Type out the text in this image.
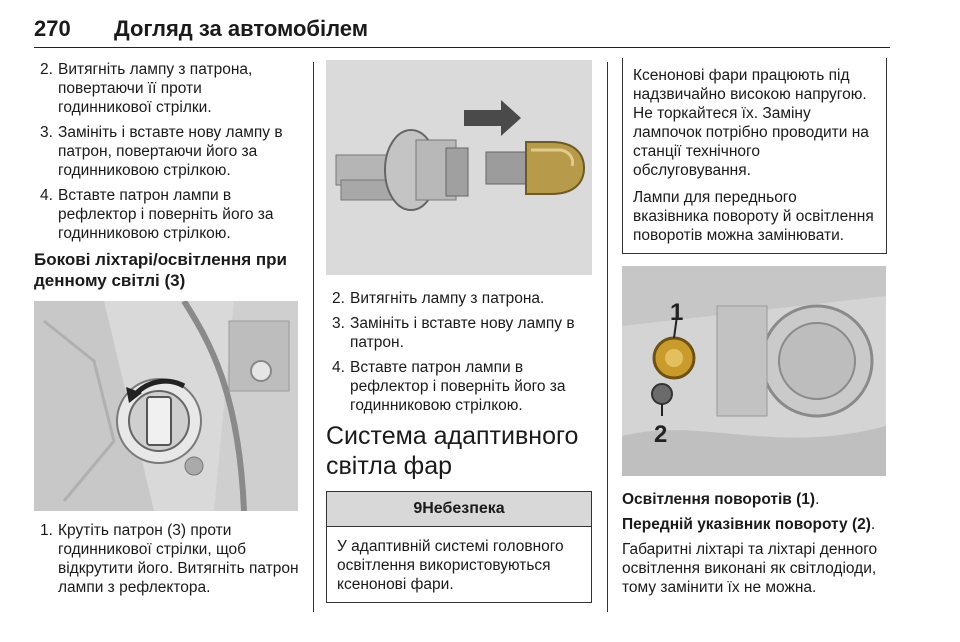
270 Догляд за автомобілем
2. Витягніть лампу з патрона, повертаючи її проти годинникової стрілки.
3. Замініть і вставте нову лампу в патрон, повертаючи його за годинниковою стрілкою.
4. Вставте патрон лампи в рефлектор і поверніть його за годинниковою стрілкою.
Бокові ліхтарі/освітлення при денному світлі (3)
1. Крутіть патрон (3) проти годинникової стрілки, щоб відкрутити його. Витягніть патрон лампи з рефлектора.
2. Витягніть лампу з патрона.
3. Замініть і вставте нову лампу в патрон.
4. Вставте патрон лампи в рефлектор і поверніть його за годинниковою стрілкою.
Система адаптивного світла фар
9Небезпека
У адаптивній системі головного освітлення використовуються ксенонові фари.

Ксенонові фари працюють під надзвичайно високою напругою. Не торкайтеся їх. Заміну лампочок потрібно проводити на станції технічного обслуговування.

Лампи для переднього вказівника повороту й освітлення поворотів можна замінювати.

1
2

Освітлення поворотів (1).

Передній указівник повороту (2).

Габаритні ліхтарі та ліхтарі денного освітлення виконані як світлодіоди, тому замінити їх не можна.
